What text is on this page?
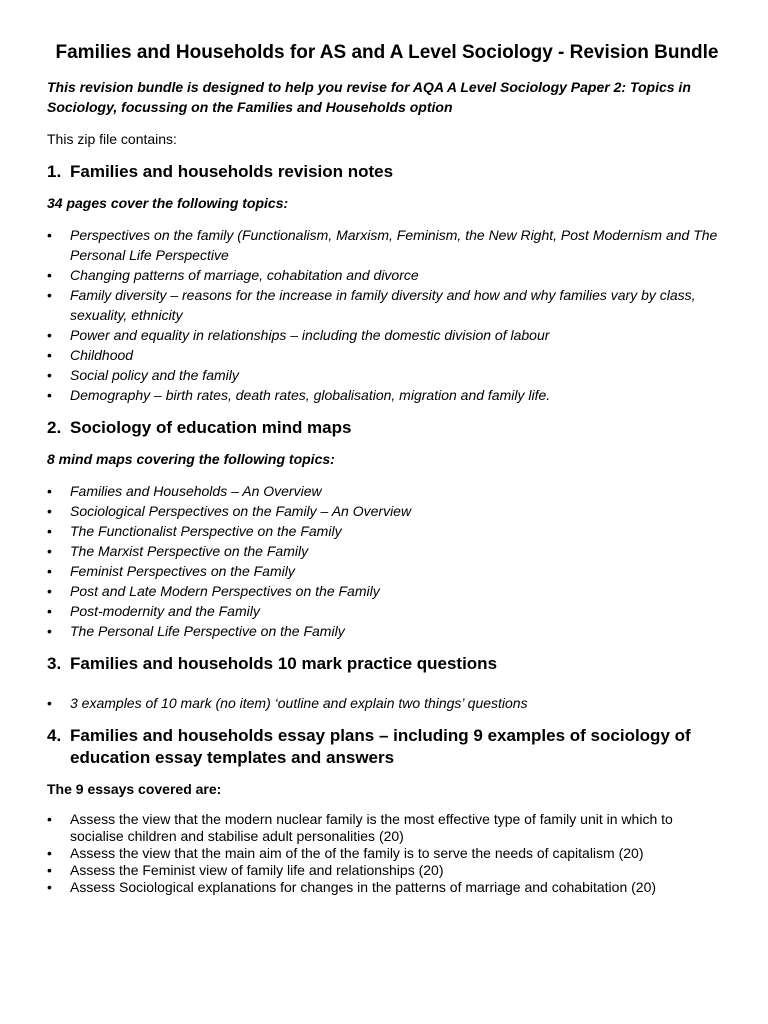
Families and Households for AS and A Level Sociology - Revision Bundle
This revision bundle is designed to help you revise for AQA A Level Sociology Paper 2: Topics in Sociology, focussing on the Families and Households option
This zip file contains:
1. Families and households revision notes
34 pages cover the following topics:
•	Perspectives on the family (Functionalism, Marxism, Feminism, the New Right, Post Modernism and The Personal Life Perspective
•	Changing patterns of marriage, cohabitation and divorce
•	Family diversity – reasons for the increase in family diversity and how and why families vary by class, sexuality, ethnicity
•	Power and equality in relationships – including the domestic division of labour
•	Childhood
•	Social policy and the family
•	Demography – birth rates, death rates, globalisation, migration and family life.
2. Sociology of education mind maps
8 mind maps covering the following topics:
•	Families and Households – An Overview
•	Sociological Perspectives on the Family – An Overview
•	The Functionalist Perspective on the Family
•	The Marxist Perspective on the Family
•	Feminist Perspectives on the Family
•	Post and Late Modern Perspectives on the Family
•	Post-modernity and the Family
•	The Personal Life Perspective on the Family
3. Families and households 10 mark practice questions
•	3 examples of 10 mark (no item) ‘outline and explain two things’ questions
4. Families and households essay plans – including 9 examples of sociology of education essay templates and answers
The 9 essays covered are:
•	Assess the view that the modern nuclear family is the most effective type of family unit in which to socialise children and stabilise adult personalities (20)
•	Assess the view that the main aim of the of the family is to serve the needs of capitalism (20)
•	Assess the Feminist view of family life and relationships (20)
•	Assess Sociological explanations for changes in the patterns of marriage and cohabitation (20)
